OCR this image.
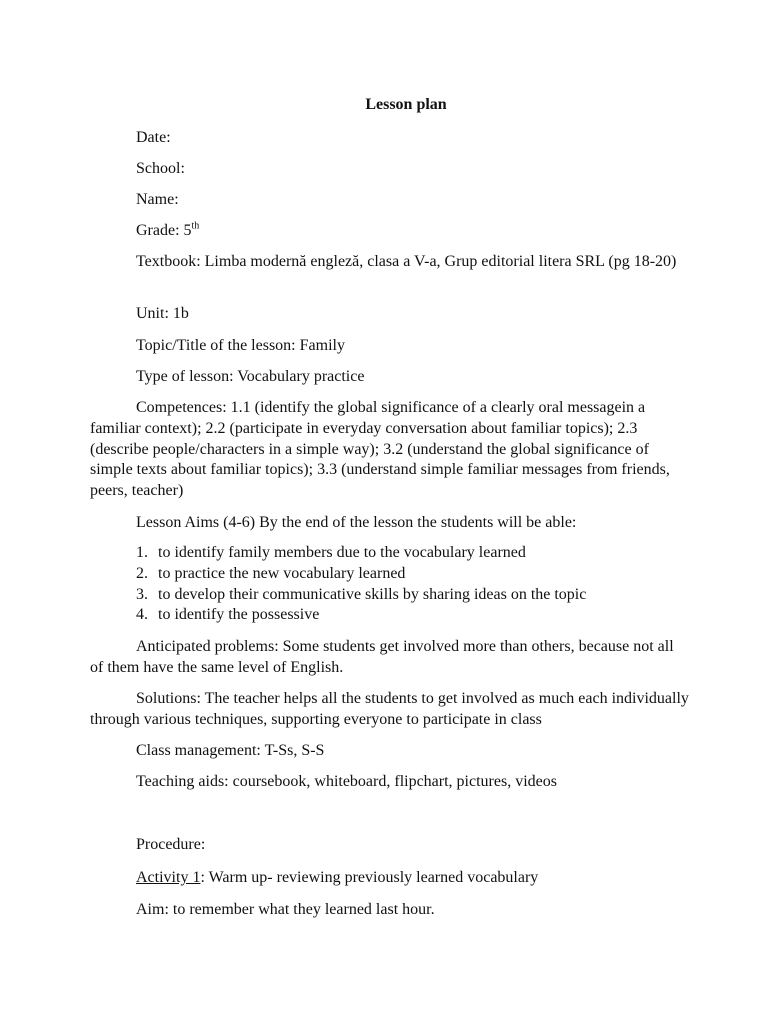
Lesson plan
Date:
School:
Name:
Grade: 5th
Textbook: Limba modernă engleză, clasa a V-a, Grup editorial litera SRL (pg 18-20)
Unit: 1b
Topic/Title of the lesson: Family
Type of lesson: Vocabulary practice
Competences: 1.1 (identify the global significance of a clearly oral messagein a familiar context); 2.2 (participate in everyday conversation about familiar topics); 2.3 (describe people/characters in a simple way); 3.2 (understand the global significance of simple texts about familiar topics); 3.3 (understand simple familiar messages from friends, peers, teacher)
Lesson Aims (4-6) By the end of the lesson the students will be able:
1. to identify family members due to the vocabulary learned
2. to practice the new vocabulary learned
3. to develop their communicative skills by sharing ideas on the topic
4. to identify the possessive
Anticipated problems: Some students get involved more than others, because not all of them have the same level of English.
Solutions: The teacher helps all the students to get involved as much each individually through various techniques, supporting everyone to participate in class
Class management: T-Ss, S-S
Teaching aids: coursebook, whiteboard, flipchart, pictures, videos
Procedure:
Activity 1: Warm up- reviewing previously learned vocabulary
Aim: to remember what they learned last hour.
